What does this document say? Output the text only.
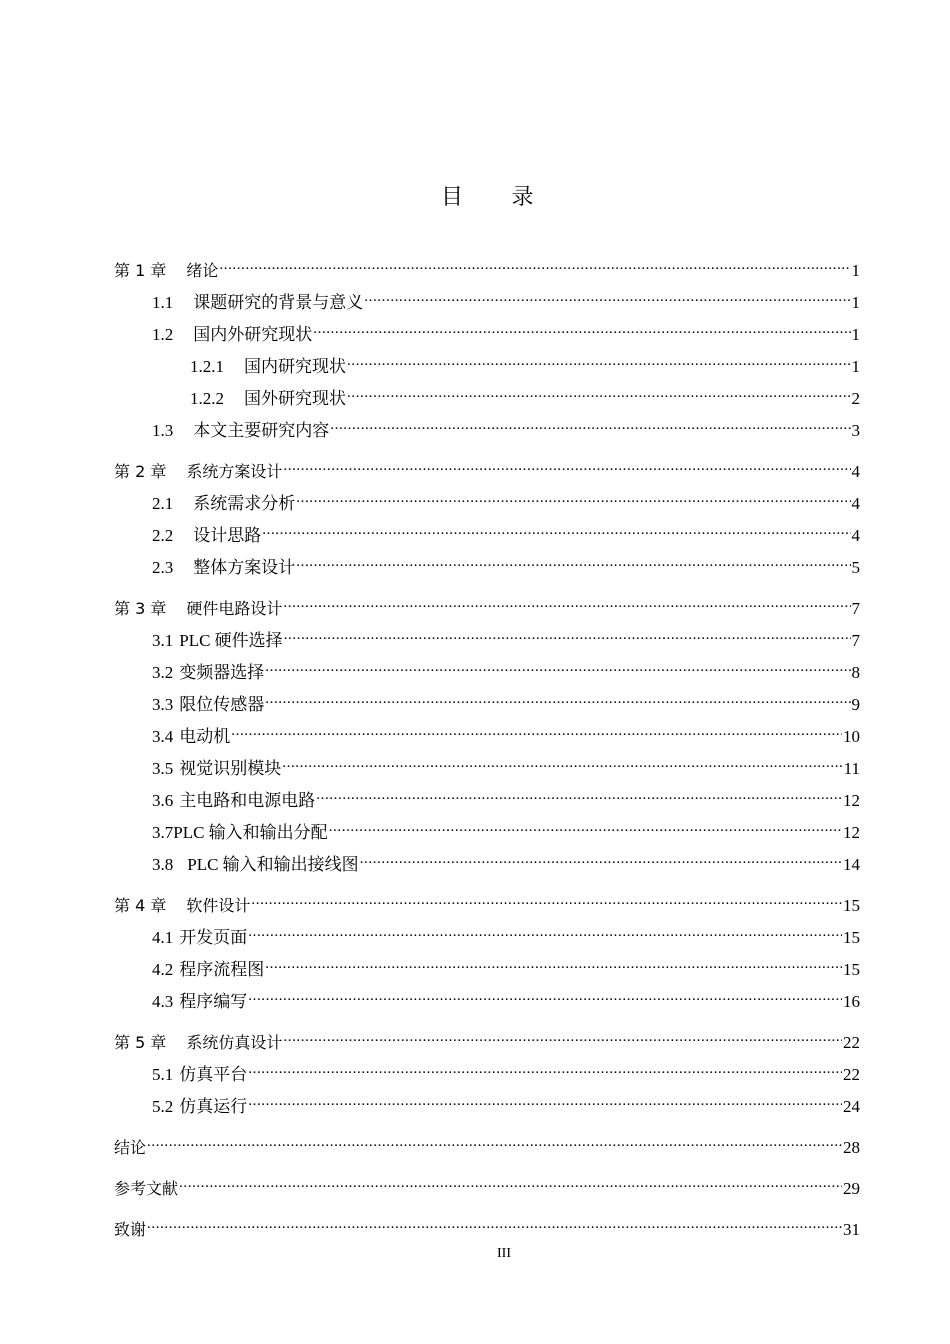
目 录
第 1 章 绪论 .....	1
1.1 课题研究的背景与意义 .....	1
1.2 国内外研究现状 .....	1
1.2.1 国内研究现状 .....	1
1.2.2 国外研究现状 .....	2
1.3 本文主要研究内容 .....	3
第 2 章 系统方案设计 .....	4
2.1 系统需求分析 .....	4
2.2 设计思路 .....	4
2.3 整体方案设计 .....	5
第 3 章 硬件电路设计 .....	7
3.1 PLC 硬件选择 .....	7
3.2 变频器选择 .....	8
3.3 限位传感器 .....	9
3.4 电动机 .....	10
3.5 视觉识别模块 .....	11
3.6 主电路和电源电路 .....	12
3.7 PLC 输入和输出分配 .....	12
3.8 PLC 输入和输出接线图 .....	14
第 4 章 软件设计 .....	15
4.1 开发页面 .....	15
4.2 程序流程图 .....	15
4.3 程序编写 .....	16
第 5 章 系统仿真设计 .....	22
5.1 仿真平台 .....	22
5.2 仿真运行 .....	24
结论 .....	28
参考文献 .....	29
致谢 .....	31
III
